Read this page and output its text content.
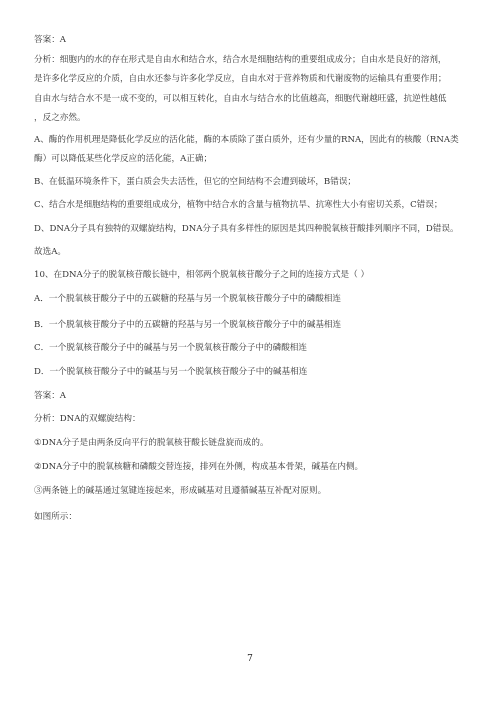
答案：A
分析：细胞内的水的存在形式是自由水和结合水，结合水是细胞结构的重要组成成分；自由水是良好的溶剂，
是许多化学反应的介质，自由水还参与许多化学反应，自由水对于营养物质和代谢废物的运输具有重要作用；
自由水与结合水不是一成不变的，可以相互转化，自由水与结合水的比值越高，细胞代谢越旺盛，抗逆性越低
，反之亦然。
A、酶的作用机理是降低化学反应的活化能，酶的本质除了蛋白质外，还有少量的RNA，因此有的核酸（RNA类
酶）可以降低某些化学反应的活化能，A正确；
B、在低温环境条件下，蛋白质会失去活性，但它的空间结构不会遭到破坏，B错误；
C、结合水是细胞结构的重要组成成分，植物中结合水的含量与植物抗旱、抗寒性大小有密切关系，C错误；
D、DNA分子具有独特的双螺旋结构，DNA分子具有多样性的原因是其四种脱氧核苷酸排列顺序不同，D错误。
故选A。
10、在DNA分子的脱氧核苷酸长链中，相邻两个脱氧核苷酸分子之间的连接方式是（ ）
A．一个脱氧核苷酸分子中的五碳糖的羟基与另一个脱氧核苷酸分子中的磷酸相连
B．一个脱氧核苷酸分子中的五碳糖的羟基与另一个脱氧核苷酸分子中的碱基相连
C．一个脱氧核苷酸分子中的碱基与另一个脱氧核苷酸分子中的磷酸相连
D．一个脱氧核苷酸分子中的碱基与另一个脱氧核苷酸分子中的碱基相连
答案：A
分析：DNA的双螺旋结构：
①DNA分子是由两条反向平行的脱氧核苷酸长链盘旋而成的。
②DNA分子中的脱氧核糖和磷酸交替连接，排列在外侧，构成基本骨架，碱基在内侧。
③两条链上的碱基通过氢键连接起来，形成碱基对且遵循碱基互补配对原则。
如图所示：
7
